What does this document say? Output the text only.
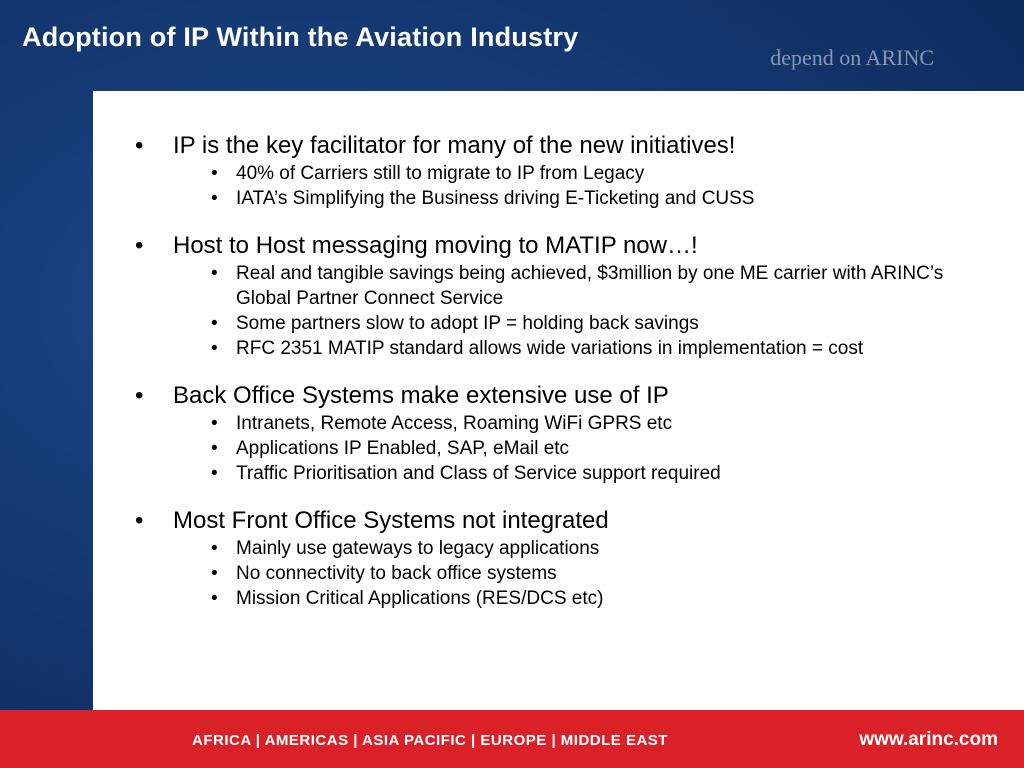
Adoption of IP Within the Aviation Industry

depend on ARINC

• IP is the key facilitator for many of the new initiatives!
• 40% of Carriers still to migrate to IP from Legacy
• IATA’s Simplifying the Business driving E-Ticketing and CUSS
• Host to Host messaging moving to MATIP now…!
• Real and tangible savings being achieved, $3million by one ME carrier with ARINC’s Global Partner Connect Service
• Some partners slow to adopt IP = holding back savings
• RFC 2351 MATIP standard allows wide variations in implementation = cost
• Back Office Systems make extensive use of IP
• Intranets, Remote Access, Roaming WiFi GPRS etc
• Applications IP Enabled, SAP, eMail etc
• Traffic Prioritisation and Class of Service support required
• Most Front Office Systems not integrated
• Mainly use gateways to legacy applications
• No connectivity to back office systems
• Mission Critical Applications (RES/DCS etc)

AFRICA | AMERICAS | ASIA PACIFIC | EUROPE | MIDDLE EAST	www.arinc.com
